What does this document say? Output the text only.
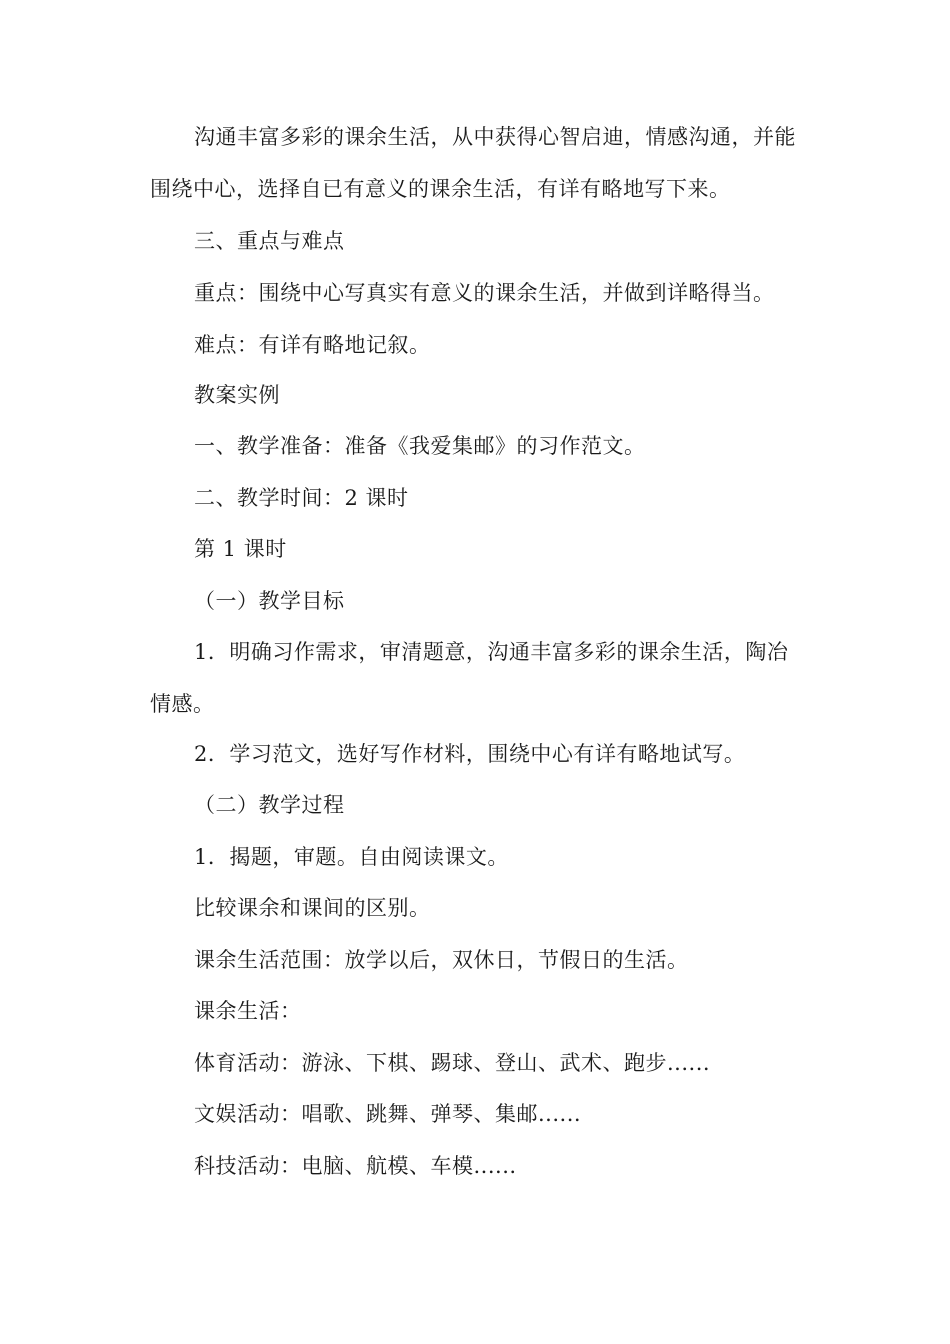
沟通丰富多彩的课余生活，从中获得心智启迪，情感沟通，并能围绕中心，选择自已有意义的课余生活，有详有略地写下来。

三、重点与难点

重点：围绕中心写真实有意义的课余生活，并做到详略得当。

难点：有详有略地记叙。

教案实例

一、教学准备：准备《我爱集邮》的习作范文。

二、教学时间：2 课时

第 1 课时

（一）教学目标

1．明确习作需求，审清题意，沟通丰富多彩的课余生活，陶冶情感。

2．学习范文，选好写作材料，围绕中心有详有略地试写。

（二）教学过程

1．揭题，审题。自由阅读课文。

比较课余和课间的区别。

课余生活范围：放学以后，双休日，节假日的生活。

课余生活：

体育活动：游泳、下棋、踢球、登山、武术、跑步......

文娱活动：唱歌、跳舞、弹琴、集邮......

科技活动：电脑、航模、车模......
